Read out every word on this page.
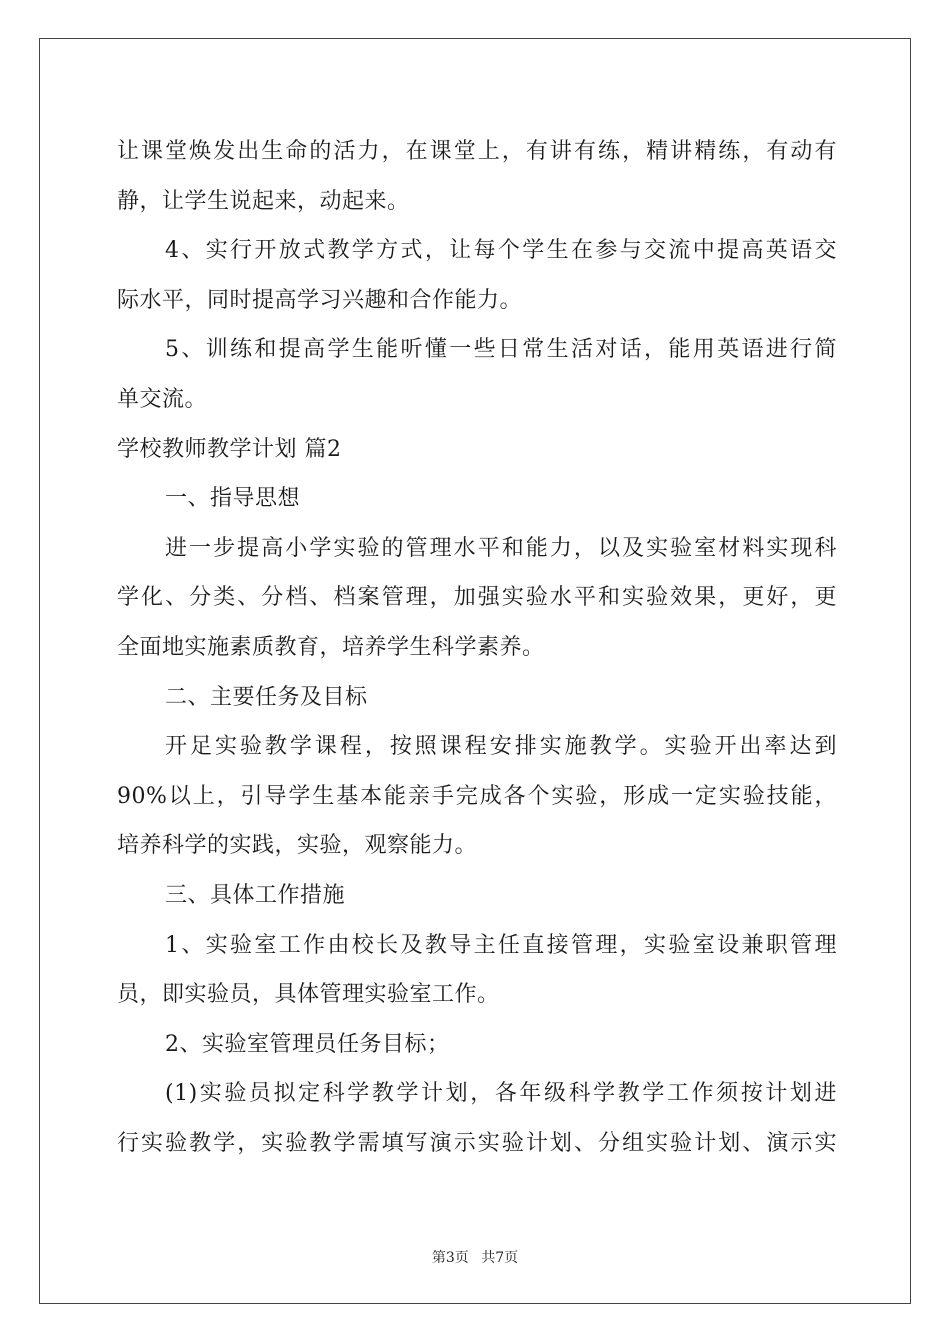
让课堂焕发出生命的活力，在课堂上，有讲有练，精讲精练，有动有
静，让学生说起来，动起来。
4、实行开放式教学方式，让每个学生在参与交流中提高英语交
际水平，同时提高学习兴趣和合作能力。
5、训练和提高学生能听懂一些日常生活对话，能用英语进行简
单交流。
学校教师教学计划 篇2
一、指导思想
进一步提高小学实验的管理水平和能力，以及实验室材料实现科
学化、分类、分档、档案管理，加强实验水平和实验效果，更好，更
全面地实施素质教育，培养学生科学素养。
二、主要任务及目标
开足实验教学课程，按照课程安排实施教学。实验开出率达到
90%以上，引导学生基本能亲手完成各个实验，形成一定实验技能，
培养科学的实践，实验，观察能力。
三、具体工作措施
1、实验室工作由校长及教导主任直接管理，实验室设兼职管理
员，即实验员，具体管理实验室工作。
2、实验室管理员任务目标；
(1)实验员拟定科学教学计划，各年级科学教学工作须按计划进
行实验教学，实验教学需填写演示实验计划、分组实验计划、演示实
第3页 共7页
